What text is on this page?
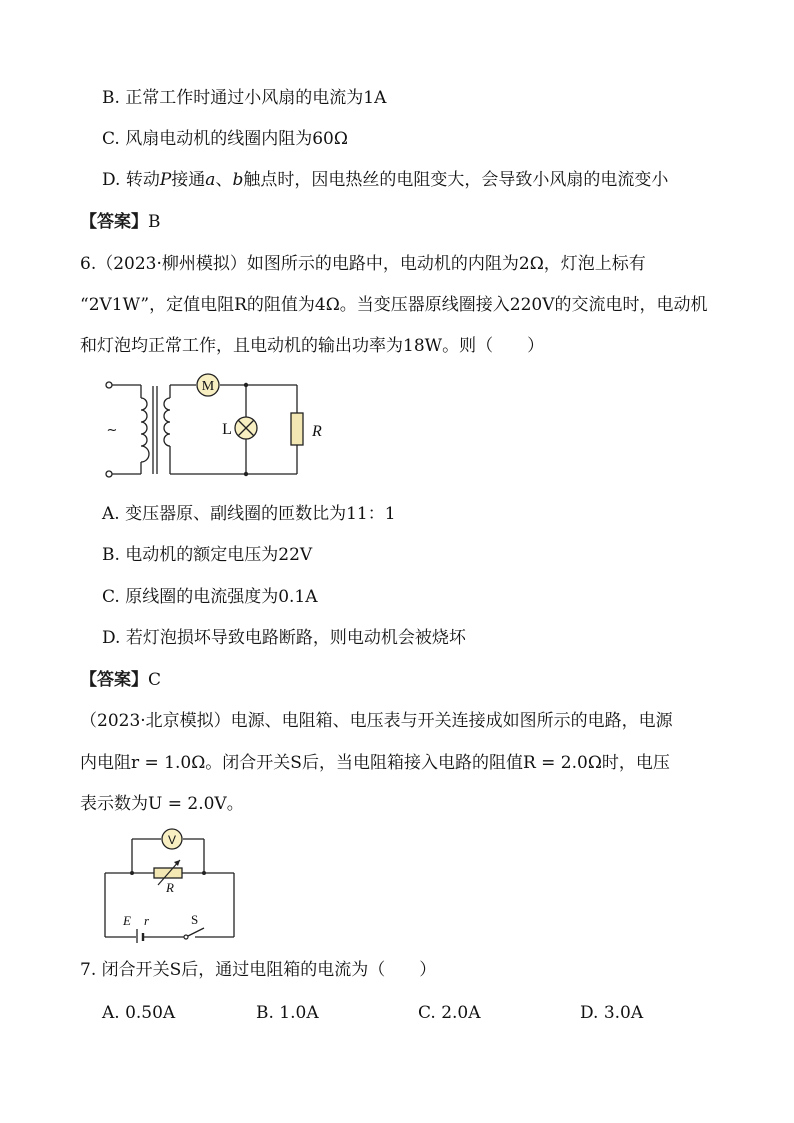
B. 正常工作时通过小风扇的电流为1A
C. 风扇电动机的线圈内阻为60Ω
D. 转动P接通a、b触点时，因电热丝的电阻变大，会导致小风扇的电流变小
【答案】B
6.（2023·柳州模拟）如图所示的电路中，电动机的内阻为2Ω，灯泡上标有
“2V1W”，定值电阻R的阻值为4Ω。当变压器原线圈接入220V的交流电时，电动机
和灯泡均正常工作，且电动机的输出功率为18W。则（　　）
M
L	R
~
A. 变压器原、副线圈的匝数比为11：1
B. 电动机的额定电压为22V
C. 原线圈的电流强度为0.1A
D. 若灯泡损坏导致电路断路，则电动机会被烧坏
【答案】C
（2023·北京模拟）电源、电阻箱、电压表与开关连接成如图所示的电路，电源
内电阻r = 1.0Ω。闭合开关S后，当电阻箱接入电路的阻值R = 2.0Ω时，电压
表示数为U = 2.0V。
V
R
E r	S
7. 闭合开关S后，通过电阻箱的电流为（　　）
A. 0.50A	B. 1.0A	C. 2.0A	D. 3.0A
